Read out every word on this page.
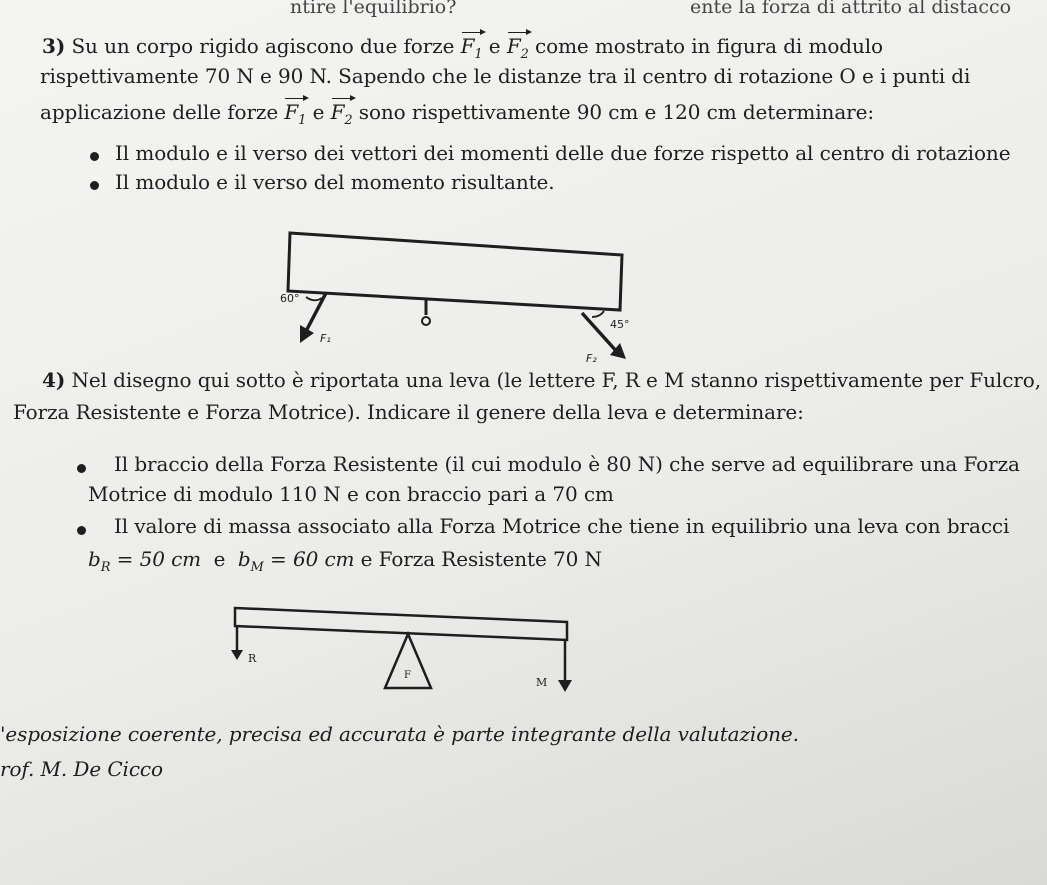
ntire l'equilibrio?	ente la forza di attrito al distacco
3) Su un corpo rigido agiscono due forze $F_1$ e $F_2$ come mostrato in figura di modulo
rispettivamente 70 N e 90 N. Sapendo che le distanze tra il centro di rotazione O e i punti di
applicazione delle forze $F_1$ e $F_2$ sono rispettivamente 90 cm e 120 cm determinare:
Il modulo e il verso dei vettori dei momenti delle due forze rispetto al centro di rotazione
Il modulo e il verso del momento risultante.
60°
45°
F₁
F₂
4) Nel disegno qui sotto è riportata una leva (le lettere F, R e M stanno rispettivamente per Fulcro,
Forza Resistente e Forza Motrice). Indicare il genere della leva e determinare:
Il braccio della Forza Resistente (il cui modulo è 80 N) che serve ad equilibrare una Forza
Motrice di modulo 110 N e con braccio pari a 70 cm
Il valore di massa associato alla Forza Motrice che tiene in equilibrio una leva con bracci
$b_R = 50$ cm  e  $b_M = 60$ cm e Forza Resistente 70 N
R
F
M
'esposizione coerente, precisa ed accurata è parte integrante della valutazione.
rof. M. De Cicco
